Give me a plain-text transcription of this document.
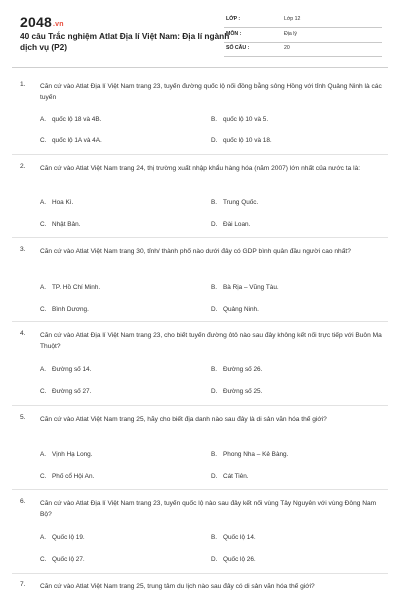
2048.vn
40 câu Trắc nghiệm Atlat Địa lí Việt Nam: Địa lí ngành dịch vụ (P2)
LỚP :	Lớp 12
MÔN :	Địa lý
SỐ CÂU :	20
1. Căn cứ vào Atlat Địa lí Việt Nam trang 23, tuyến đường quốc lộ nối đồng bằng sông Hồng với tỉnh Quảng Ninh là các tuyến
A. quốc lộ 18 và 4B.	B. quốc lộ 10 và 5.
C. quốc lộ 1A và 4A.	D. quốc lộ 10 và 18.
2. Căn cứ vào Atlat Việt Nam trang 24, thị trường xuất nhập khẩu hàng hóa (năm 2007) lớn nhất của nước ta là:
A. Hoa Kì.	B. Trung Quốc.
C. Nhật Bản.	D. Đài Loan.
3. Căn cứ vào Atlat Việt Nam trang 30, tỉnh/ thành phố nào dưới đây có GDP bình quân đầu người cao nhất?
A. TP. Hồ Chí Minh.	B. Bà Rịa – Vũng Tàu.
C. Bình Dương.	D. Quảng Ninh.
4. Căn cứ vào Atlat Địa lí Việt Nam trang 23, cho biết tuyến đường ôtô nào sau đây không kết nối trực tiếp với Buôn Ma Thuột?
A. Đường số 14.	B. Đường số 26.
C. Đường số 27.	D. Đường số 25.
5. Căn cứ vào Atlat Việt Nam trang 25, hãy cho biết địa danh nào sau đây là di sản văn hóa thế giới?
A. Vịnh Hạ Long.	B. Phong Nha – Kẻ Bàng.
C. Phố cổ Hội An.	D. Cát Tiên.
6. Căn cứ vào Atlat Địa lí Việt Nam trang 23, tuyến quốc lộ nào sau đây kết nối vùng Tây Nguyên với vùng Đông Nam Bộ?
A. Quốc lộ 19.	B. Quốc lộ 14.
C. Quốc lộ 27.	D. Quốc lộ 26.
7. Căn cứ vào Atlat Việt Nam trang 25, trung tâm du lịch nào sau đây có di sản văn hóa thế giới?
